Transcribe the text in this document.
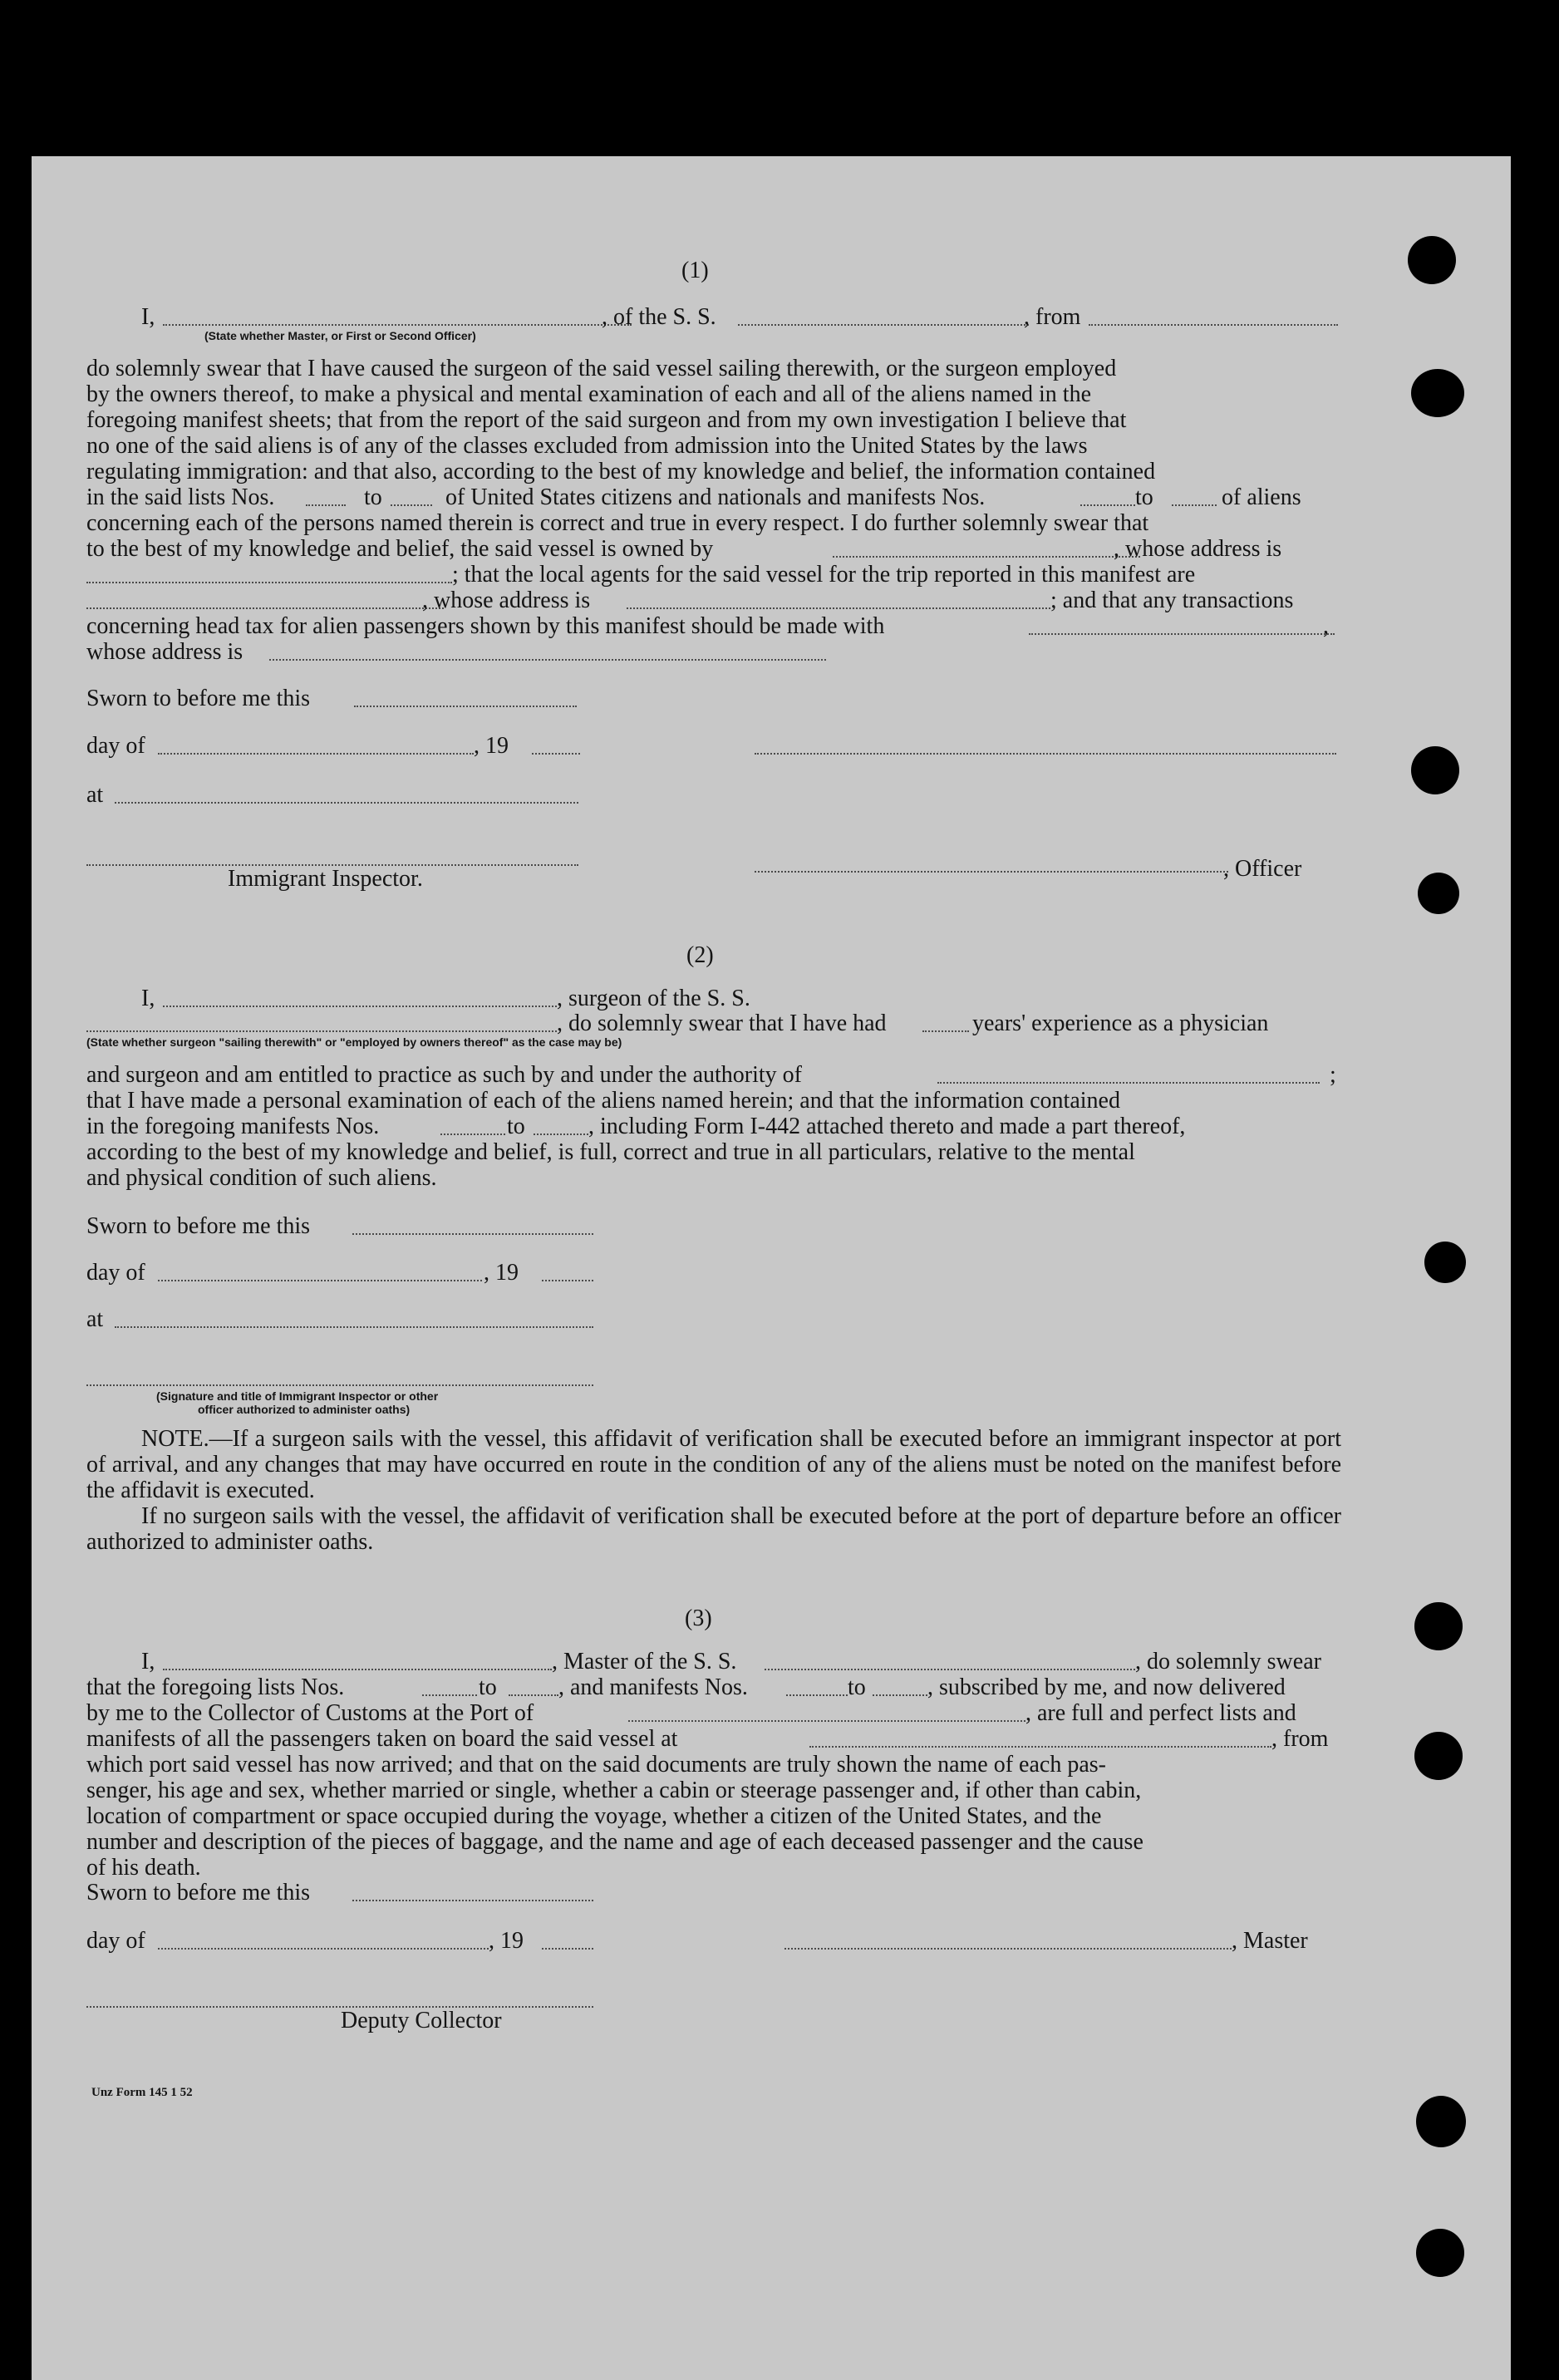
(1)
I,	, of the S. S.	, from
(State whether Master, or First or Second Officer)
do solemnly swear that I have caused the surgeon of the said vessel sailing therewith, or the surgeon employed
by the owners thereof, to make a physical and mental examination of each and all of the aliens named in the
foregoing manifest sheets; that from the report of the said surgeon and from my own investigation I believe that
no one of the said aliens is of any of the classes excluded from admission into the United States by the laws
regulating immigration: and that also, according to the best of my knowledge and belief, the information contained
in the said lists Nos.	to	of United States citizens and nationals and manifests Nos.	to	of aliens
concerning each of the persons named therein is correct and true in every respect. I do further solemnly swear that
to the best of my knowledge and belief, the said vessel is owned by	, whose address is
; that the local agents for the said vessel for the trip reported in this manifest are
, whose address is	; and that any transactions
concerning head tax for alien passengers shown by this manifest should be made with	,
whose address is
Sworn to before me this
day of	, 19
at
Immigrant Inspector.	, Officer
(2)
I,	, surgeon of the S. S.
, do solemnly swear that I have had	years' experience as a physician
(State whether surgeon "sailing therewith" or "employed by owners thereof" as the case may be)
and surgeon and am entitled to practice as such by and under the authority of	;
that I have made a personal examination of each of the aliens named herein; and that the information contained
in the foregoing manifests Nos.	to	, including Form I-442 attached thereto and made a part thereof,
according to the best of my knowledge and belief, is full, correct and true in all particulars, relative to the mental
and physical condition of such aliens.
Sworn to before me this
day of	, 19
at
(Signature and title of Immigrant Inspector or other
officer authorized to administer oaths)
NOTE.—If a surgeon sails with the vessel, this affidavit of verification shall be executed before an immigrant inspector at port of arrival, and any changes that may have occurred en route in the condition of any of the aliens must be noted on the manifest before the affidavit is executed.
If no surgeon sails with the vessel, the affidavit of verification shall be executed before at the port of departure before an officer authorized to administer oaths.
(3)
I,	, Master of the S. S.	, do solemnly swear
that the foregoing lists Nos.	to	, and manifests Nos.	to	, subscribed by me, and now delivered
by me to the Collector of Customs at the Port of	, are full and perfect lists and
manifests of all the passengers taken on board the said vessel at	, from
which port said vessel has now arrived; and that on the said documents are truly shown the name of each pas-
senger, his age and sex, whether married or single, whether a cabin or steerage passenger and, if other than cabin,
location of compartment or space occupied during the voyage, whether a citizen of the United States, and the
number and description of the pieces of baggage, and the name and age of each deceased passenger and the cause
of his death.
Sworn to before me this
day of	, 19	, Master
Deputy Collector
Unz Form 145 1 52
